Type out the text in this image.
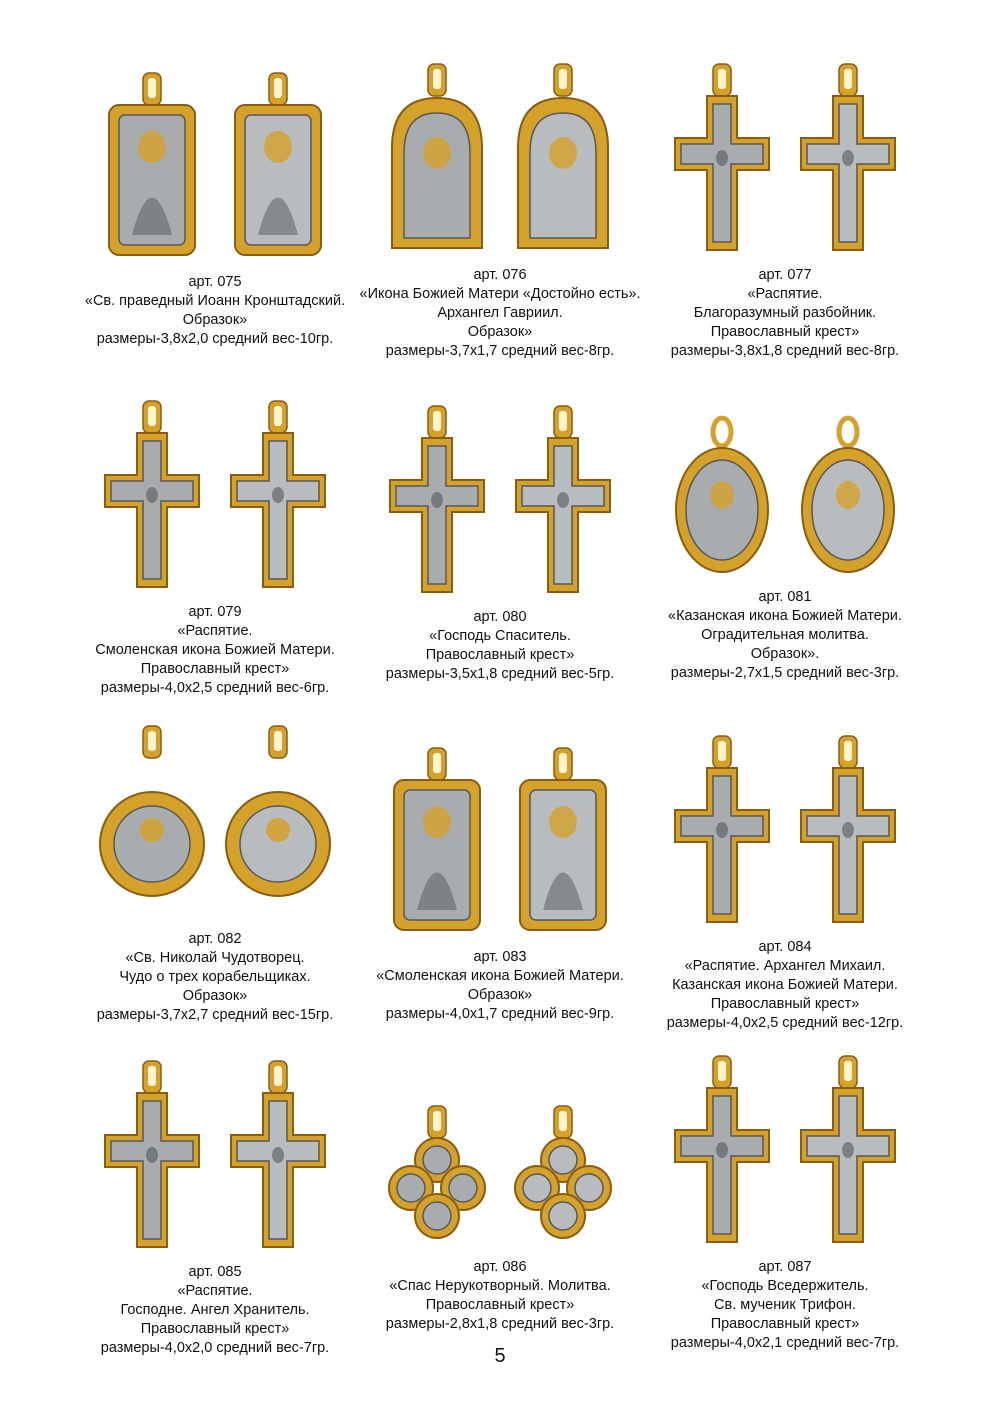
арт. 075
«Св. праведный Иоанн Кронштадский.
Образок»
размеры-3,8х2,0 средний вес-10гр.
арт. 076
«Икона Божией Матери «Достойно есть».
Архангел Гавриил.
Образок»
размеры-3,7х1,7 средний вес-8гр.
арт. 077
«Распятие.
Благоразумный разбойник.
Православный крест»
размеры-3,8х1,8 средний вес-8гр.
арт. 079
«Распятие.
Смоленская икона Божией Матери.
Православный крест»
размеры-4,0х2,5 средний вес-6гр.
арт. 080
«Господь Спаситель.
Православный крест»
размеры-3,5х1,8 средний вес-5гр.
арт. 081
«Казанская икона Божией Матери.
Оградительная молитва.
Образок».
размеры-2,7х1,5 средний вес-3гр.
арт. 082
«Св. Николай Чудотворец.
Чудо о трех корабельщиках.
Образок»
размеры-3,7х2,7 средний вес-15гр.
арт. 083
«Смоленская икона Божией Матери.
Образок»
размеры-4,0х1,7 средний вес-9гр.
арт. 084
«Распятие. Архангел Михаил.
Казанская икона Божией Матери.
Православный крест»
размеры-4,0х2,5 средний вес-12гр.
арт. 085
«Распятие.
Господне. Ангел Хранитель.
Православный крест»
размеры-4,0х2,0 средний вес-7гр.
арт. 086
«Спас Нерукотворный. Молитва.
Православный крест»
размеры-2,8х1,8 средний вес-3гр.
арт. 087
«Господь Вседержитель.
Св. мученик Трифон.
Православный крест»
размеры-4,0х2,1 средний вес-7гр.
5
